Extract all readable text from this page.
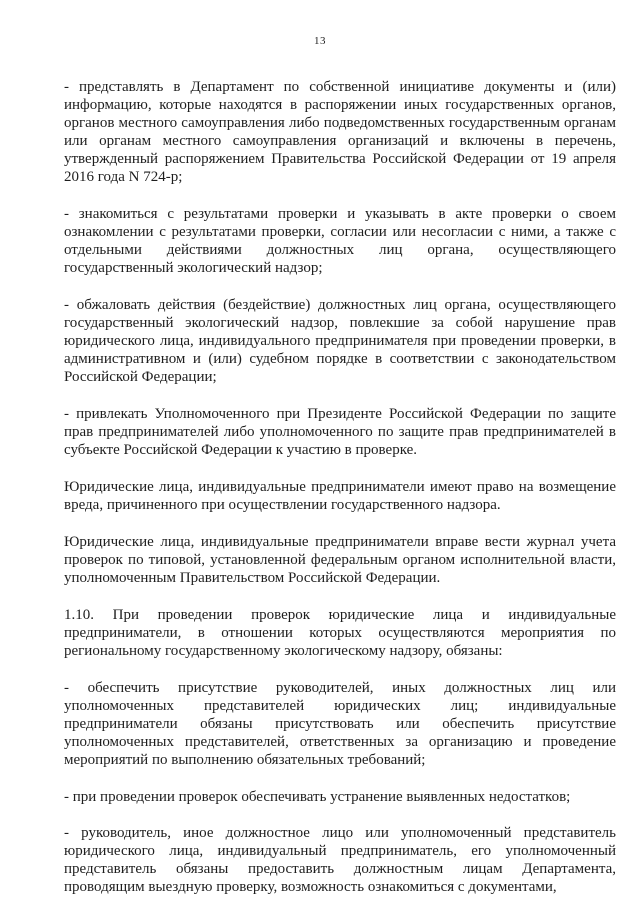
13

- представлять в Департамент по собственной инициативе документы и (или) информацию, которые находятся в распоряжении иных государственных органов, органов местного самоуправления либо подведомственных государственным органам или органам местного самоуправления организаций и включены в перечень, утвержденный распоряжением Правительства Российской Федерации от 19 апреля 2016 года N 724-р;

- знакомиться с результатами проверки и указывать в акте проверки о своем ознакомлении с результатами проверки, согласии или несогласии с ними, а также с отдельными действиями должностных лиц органа, осуществляющего государственный экологический надзор;

- обжаловать действия (бездействие) должностных лиц органа, осуществляющего государственный экологический надзор, повлекшие за собой нарушение прав юридического лица, индивидуального предпринимателя при проведении проверки, в административном и (или) судебном порядке в соответствии с законодательством Российской Федерации;

- привлекать Уполномоченного при Президенте Российской Федерации по защите прав предпринимателей либо уполномоченного по защите прав предпринимателей в субъекте Российской Федерации к участию в проверке.

Юридические лица, индивидуальные предприниматели имеют право на возмещение вреда, причиненного при осуществлении государственного надзора.

Юридические лица, индивидуальные предприниматели вправе вести журнал учета проверок по типовой, установленной федеральным органом исполнительной власти, уполномоченным Правительством Российской Федерации.

1.10. При проведении проверок юридические лица и индивидуальные предприниматели, в отношении которых осуществляются мероприятия по региональному государственному экологическому надзору, обязаны:

- обеспечить присутствие руководителей, иных должностных лиц или уполномоченных представителей юридических лиц; индивидуальные предприниматели обязаны присутствовать или обеспечить присутствие уполномоченных представителей, ответственных за организацию и проведение мероприятий по выполнению обязательных требований;

- при проведении проверок обеспечивать устранение выявленных недостатков;

- руководитель, иное должностное лицо или уполномоченный представитель юридического лица, индивидуальный предприниматель, его уполномоченный представитель обязаны предоставить должностным лицам Департамента, проводящим выездную проверку, возможность ознакомиться с документами,
